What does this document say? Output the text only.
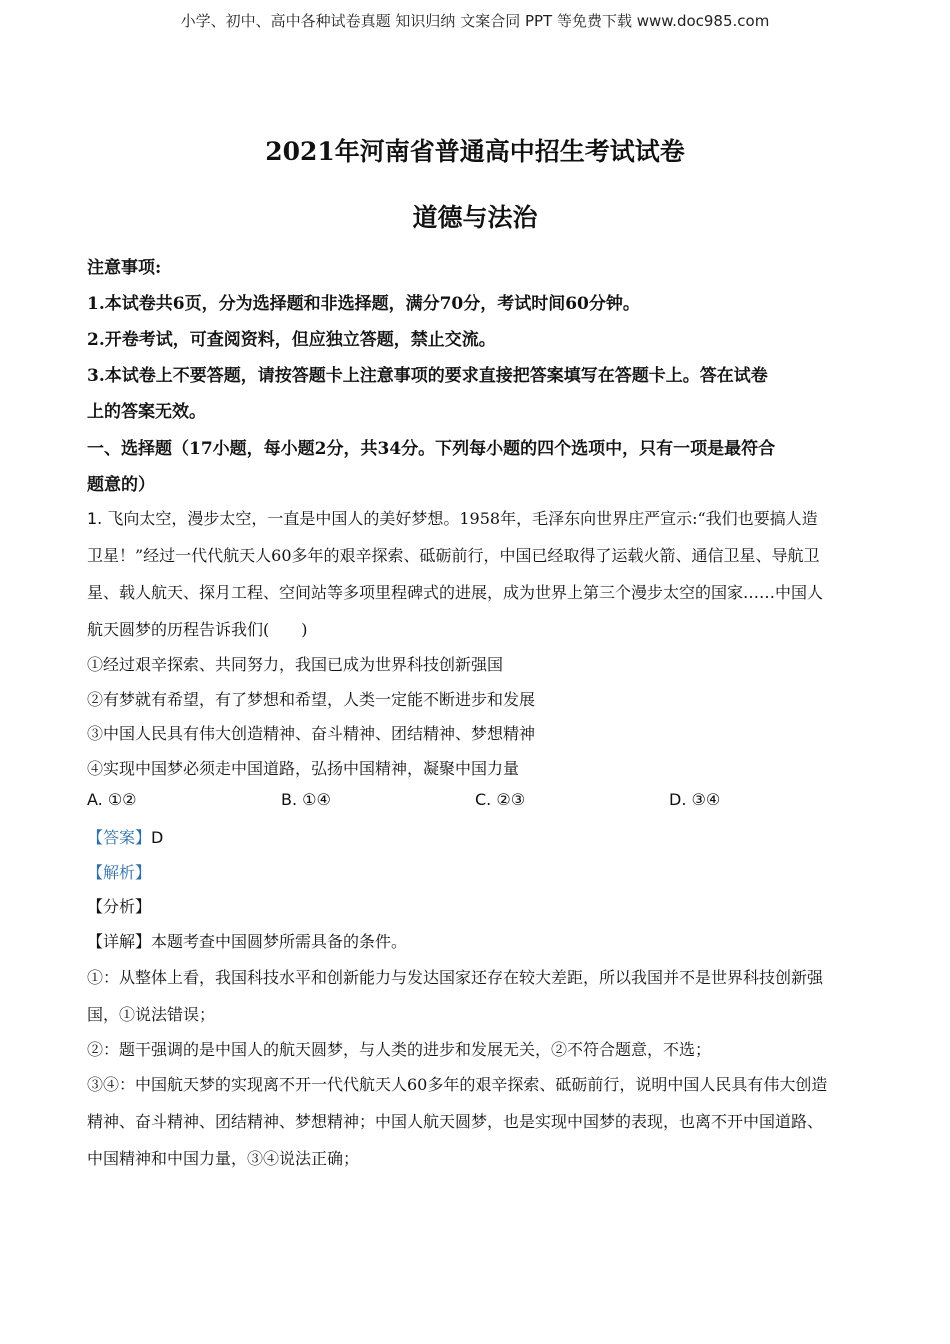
小学、初中、高中各种试卷真题 知识归纳 文案合同 PPT 等免费下载 www.doc985.com
2021年河南省普通高中招生考试试卷
道德与法治
注意事项:
1.本试卷共6页，分为选择题和非选择题，满分70分，考试时间60分钟。
2.开卷考试，可查阅资料，但应独立答题，禁止交流。
3.本试卷上不要答题，请按答题卡上注意事项的要求直接把答案填写在答题卡上。答在试卷
上的答案无效。
一、选择题（17小题，每小题2分，共34分。下列每小题的四个选项中，只有一项是最符合
题意的）
1. 飞向太空，漫步太空，一直是中国人的美好梦想。1958年，毛泽东向世界庄严宣示:“我们也要搞人造
卫星！”经过一代代航天人60多年的艰辛探索、砥砺前行，中国已经取得了运载火箭、通信卫星、导航卫
星、载人航天、探月工程、空间站等多项里程碑式的进展，成为世界上第三个漫步太空的国家……中国人
航天圆梦的历程告诉我们(　　)
①经过艰辛探索、共同努力，我国已成为世界科技创新强国
②有梦就有希望，有了梦想和希望，人类一定能不断进步和发展
③中国人民具有伟大创造精神、奋斗精神、团结精神、梦想精神
④实现中国梦必须走中国道路，弘扬中国精神，凝聚中国力量
A. ①②	B. ①④	C. ②③	D. ③④
【答案】D
【解析】
【分析】
【详解】本题考查中国圆梦所需具备的条件。
①：从整体上看，我国科技水平和创新能力与发达国家还存在较大差距，所以我国并不是世界科技创新强
国，①说法错误；
②：题干强调的是中国人的航天圆梦，与人类的进步和发展无关，②不符合题意，不选；
③④：中国航天梦的实现离不开一代代航天人60多年的艰辛探索、砥砺前行，说明中国人民具有伟大创造
精神、奋斗精神、团结精神、梦想精神；中国人航天圆梦，也是实现中国梦的表现，也离不开中国道路、
中国精神和中国力量，③④说法正确；
